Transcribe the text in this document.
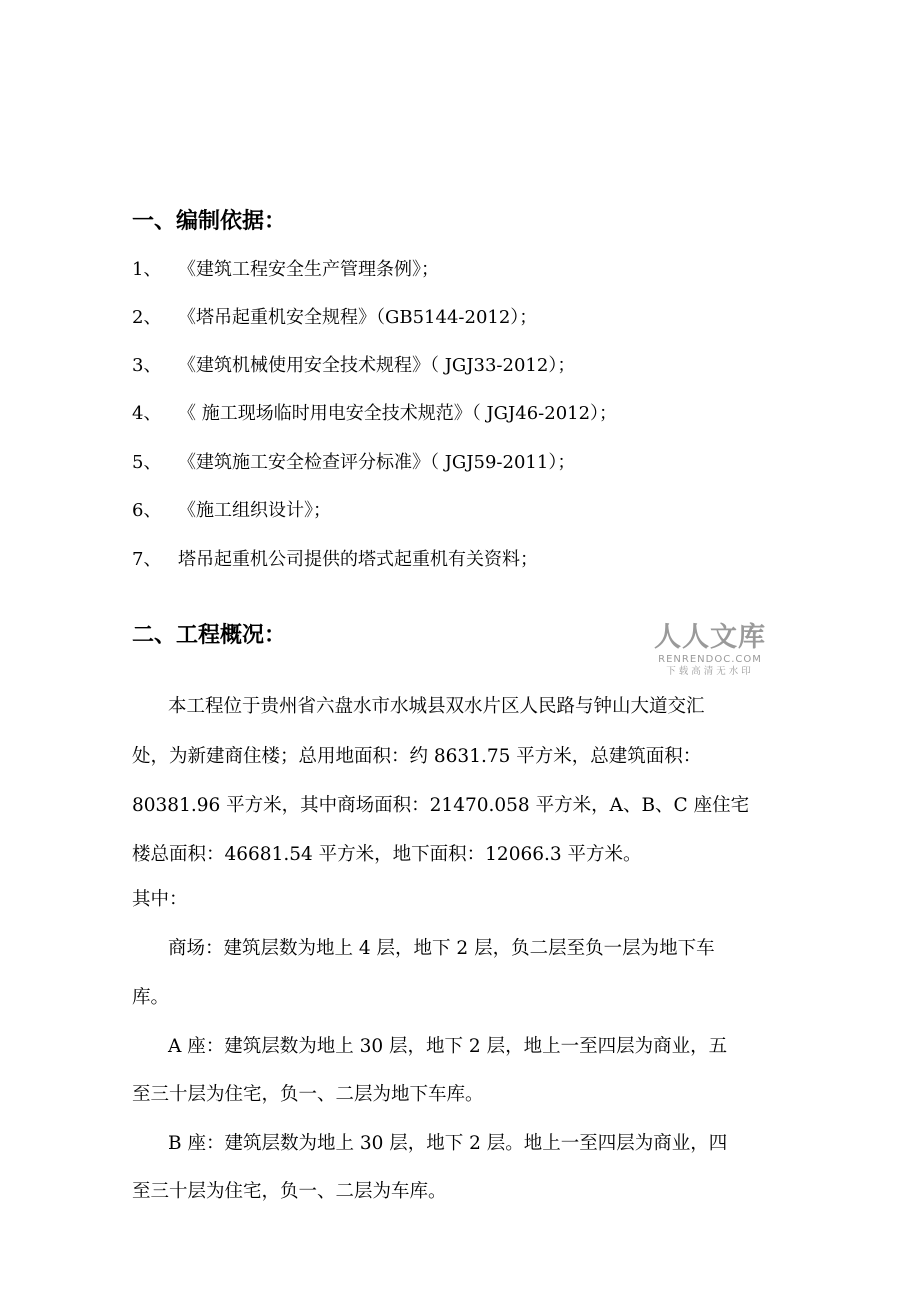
一、编制依据：
1、 《建筑工程安全生产管理条例》；
2、 《塔吊起重机安全规程》（GB5144-2012）；
3、 《建筑机械使用安全技术规程》（ JGJ33-2012）；
4、 《 施工现场临时用电安全技术规范》（ JGJ46-2012）；
5、 《建筑施工安全检查评分标准》（ JGJ59-2011）；
6、 《施工组织设计》；
7、 塔吊起重机公司提供的塔式起重机有关资料；
二、工程概况：	人人文库
RENRENDOC.COM
下载高清无水印
本工程位于贵州省六盘水市水城县双水片区人民路与钟山大道交汇
处，为新建商住楼；总用地面积：约 8631.75 平方米，总建筑面积：
80381.96 平方米，其中商场面积：21470.058 平方米，A、B、C 座住宅
楼总面积：46681.54 平方米，地下面积：12066.3 平方米。
其中：
商场：建筑层数为地上 4 层，地下 2 层，负二层至负一层为地下车
库。
A 座：建筑层数为地上 30 层，地下 2 层，地上一至四层为商业，五
至三十层为住宅，负一、二层为地下车库。
B 座：建筑层数为地上 30 层，地下 2 层。地上一至四层为商业，四
至三十层为住宅，负一、二层为车库。
